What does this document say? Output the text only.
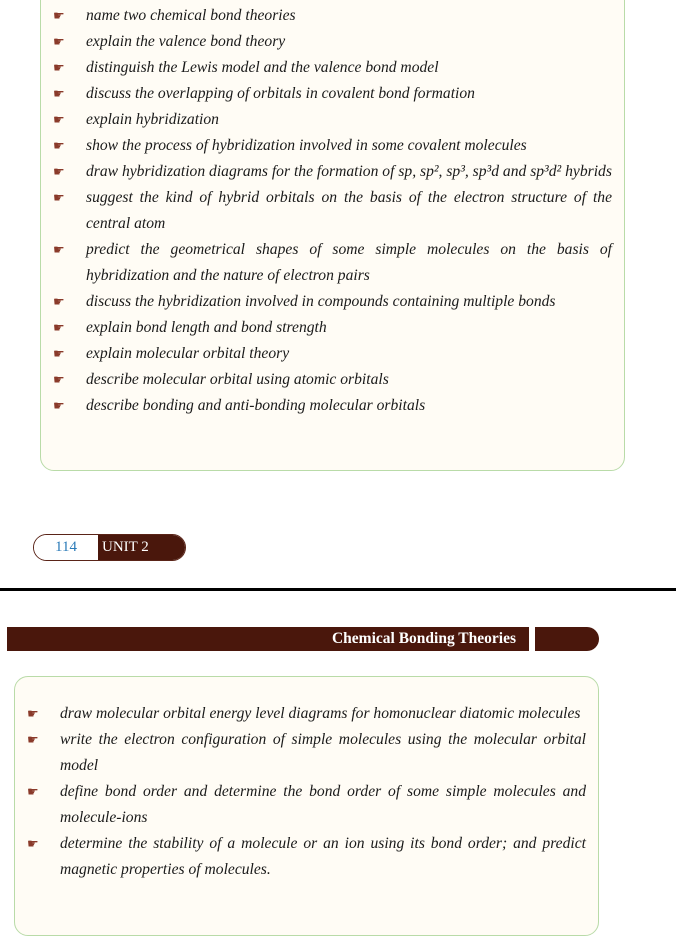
☛ name two chemical bond theories
☛ explain the valence bond theory
☛ distinguish the Lewis model and the valence bond model
☛ discuss the overlapping of orbitals in covalent bond formation
☛ explain hybridization
☛ show the process of hybridization involved in some covalent molecules
☛ draw hybridization diagrams for the formation of sp, sp², sp³, sp³d and sp³d² hybrids
☛ suggest the kind of hybrid orbitals on the basis of the electron structure of the central atom
☛ predict the geometrical shapes of some simple molecules on the basis of hybridization and the nature of electron pairs
☛ discuss the hybridization involved in compounds containing multiple bonds
☛ explain bond length and bond strength
☛ explain molecular orbital theory
☛ describe molecular orbital using atomic orbitals
☛ describe bonding and anti-bonding molecular orbitals
114	UNIT 2
Chemical Bonding Theories
☛ draw molecular orbital energy level diagrams for homonuclear diatomic molecules
☛ write the electron configuration of simple molecules using the molecular orbital model
☛ define bond order and determine the bond order of some simple molecules and molecule-ions
☛ determine the stability of a molecule or an ion using its bond order; and predict magnetic properties of molecules.
